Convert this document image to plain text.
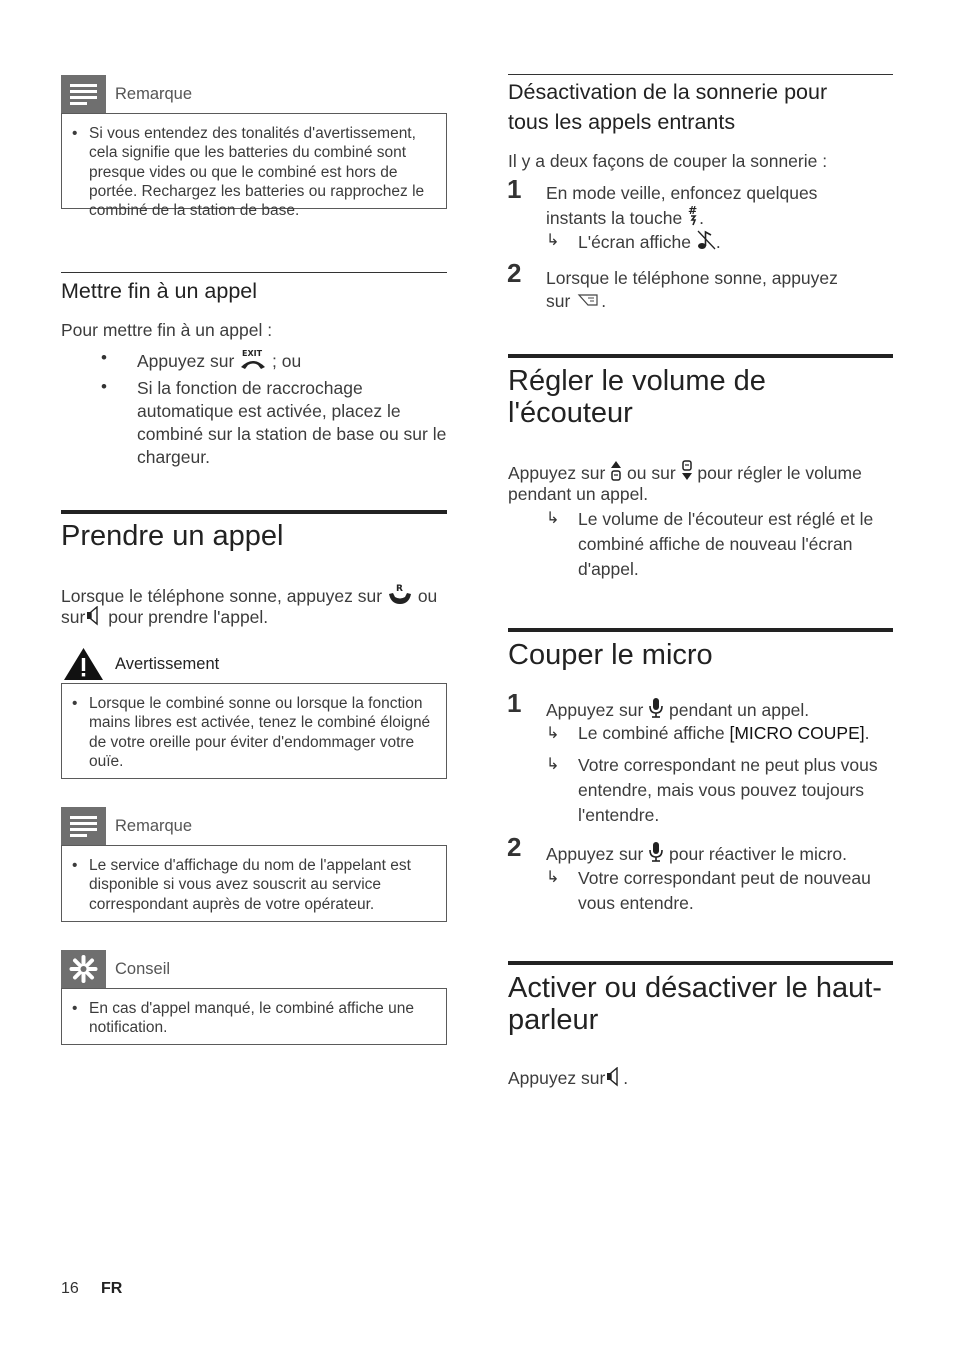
Remarque
• Si vous entendez des tonalités d'avertissement, cela signifie que les batteries du combiné sont presque vides ou que le combiné est hors de portée. Rechargez les batteries ou rapprochez le combiné de la station de base.
Mettre fin à un appel
Pour mettre fin à un appel :
• Appuyez sur EXIT ; ou
• Si la fonction de raccrochage automatique est activée, placez le combiné sur la station de base ou sur le chargeur.
Prendre un appel
Lorsque le téléphone sonne, appuyez sur R ou
sur pour prendre l'appel.
Avertissement
• Lorsque le combiné sonne ou lorsque la fonction mains libres est activée, tenez le combiné éloigné de votre oreille pour éviter d'endommager votre ouïe.
Remarque
• Le service d'affichage du nom de l'appelant est disponible si vous avez souscrit au service correspondant auprès de votre opérateur.
Conseil
• En cas d'appel manqué, le combiné affiche une notification.
Désactivation de la sonnerie pour
tous les appels entrants
Il y a deux façons de couper la sonnerie :
1 En mode veille, enfoncez quelques
instants la touche # .
↳ L'écran affiche .
2 Lorsque le téléphone sonne, appuyez
sur .
Régler le volume de
l'écouteur
Appuyez sur ou sur pour régler le volume
pendant un appel.
↳ Le volume de l'écouteur est réglé et le combiné affiche de nouveau l'écran d'appel.
Couper le micro
1 Appuyez sur pendant un appel.
↳ Le combiné affiche [MICRO COUPE].
↳ Votre correspondant ne peut plus vous entendre, mais vous pouvez toujours l'entendre.
2 Appuyez sur pour réactiver le micro.
↳ Votre correspondant peut de nouveau vous entendre.
Activer ou désactiver le haut-
parleur
Appuyez sur .
16 FR
